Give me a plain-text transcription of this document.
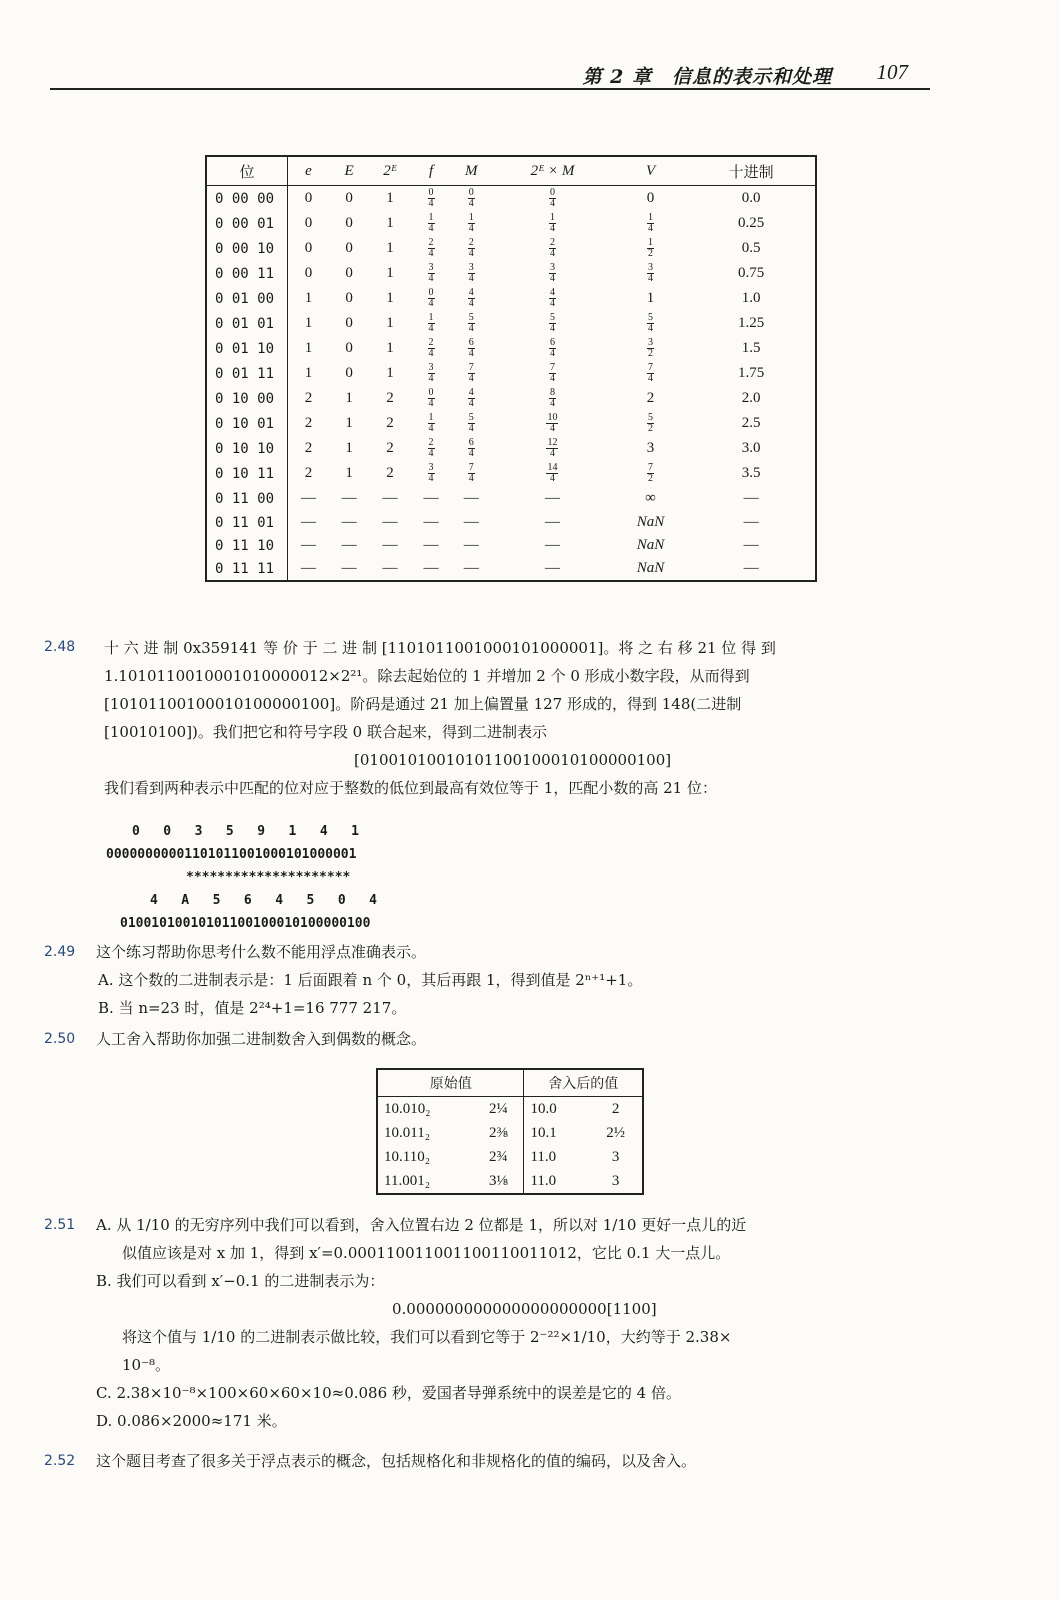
第 2 章　信息的表示和处理 107
位	e	E	2ᴱ	f	M	2ᴱ × M	V	十进制
0 00 00	0	0	1	$\frac{0}{4}$	$\frac{0}{4}$	$\frac{0}{4}$	0	0.0
0 00 01	0	0	1	$\frac{1}{4}$	$\frac{1}{4}$	$\frac{1}{4}$	$\frac{1}{4}$	0.25
0 00 10	0	0	1	$\frac{2}{4}$	$\frac{2}{4}$	$\frac{2}{4}$	$\frac{1}{2}$	0.5
0 00 11	0	0	1	$\frac{3}{4}$	$\frac{3}{4}$	$\frac{3}{4}$	$\frac{3}{4}$	0.75
0 01 00	1	0	1	$\frac{0}{4}$	$\frac{4}{4}$	$\frac{4}{4}$	1	1.0
0 01 01	1	0	1	$\frac{1}{4}$	$\frac{5}{4}$	$\frac{5}{4}$	$\frac{5}{4}$	1.25
0 01 10	1	0	1	$\frac{2}{4}$	$\frac{6}{4}$	$\frac{6}{4}$	$\frac{3}{2}$	1.5
0 01 11	1	0	1	$\frac{3}{4}$	$\frac{7}{4}$	$\frac{7}{4}$	$\frac{7}{4}$	1.75
0 10 00	2	1	2	$\frac{0}{4}$	$\frac{4}{4}$	$\frac{8}{4}$	2	2.0
0 10 01	2	1	2	$\frac{1}{4}$	$\frac{5}{4}$	$\frac{10}{4}$	$\frac{5}{2}$	2.5
0 10 10	2	1	2	$\frac{2}{4}$	$\frac{6}{4}$	$\frac{12}{4}$	3	3.0
0 10 11	2	1	2	$\frac{3}{4}$	$\frac{7}{4}$	$\frac{14}{4}$	$\frac{7}{2}$	3.5
0 11 00	—	—	—	—	—	—	∞	—
0 11 01	—	—	—	—	—	—	NaN	—
0 11 10	—	—	—	—	—	—	NaN	—
0 11 11	—	—	—	—	—	—	NaN	—
2.48 十 六 进 制 0x359141 等 价 于 二 进 制 [1101011001000101000001]。将 之 右 移 21 位 得 到
1.1010110010001010000012×2²¹。除去起始位的 1 并增加 2 个 0 形成小数字段，从而得到
[10101100100010100000100]。阶码是通过 21 加上偏置量 127 形成的，得到 148(二进制
[10010100])。我们把它和符号字段 0 联合起来，得到二进制表示
[01001010010101100100010100000100]
我们看到两种表示中匹配的位对应于整数的低位到最高有效位等于 1，匹配小数的高 21 位：
0   0   3   5   9   1   4   1
00000000001101011001000101000001
*********************
4   A   5   6   4   5   0   4
01001010010101100100010100000100
2.49 这个练习帮助你思考什么数不能用浮点准确表示。
A. 这个数的二进制表示是：1 后面跟着 n 个 0，其后再跟 1，得到值是 2ⁿ⁺¹+1。
B. 当 n=23 时，值是 2²⁴+1=16 777 217。
2.50 人工舍入帮助你加强二进制数舍入到偶数的概念。
原始值		舍入后的值	
10.010₂	2¼	10.0	2
10.011₂	2⅜	10.1	2½
10.110₂	2¾	11.0	3
11.001₂	3⅛	11.0	3
2.51 A. 从 1/10 的无穷序列中我们可以看到，舍入位置右边 2 位都是 1，所以对 1/10 更好一点儿的近
似值应该是对 x 加 1，得到 x′=0.000110011001100110011012，它比 0.1 大一点儿。
B. 我们可以看到 x′−0.1 的二进制表示为：
0.000000000000000000000[1100]
将这个值与 1/10 的二进制表示做比较，我们可以看到它等于 2⁻²²×1/10，大约等于 2.38×
10⁻⁸。
C. 2.38×10⁻⁸×100×60×60×10≈0.086 秒，爱国者导弹系统中的误差是它的 4 倍。
D. 0.086×2000≈171 米。
2.52 这个题目考查了很多关于浮点表示的概念，包括规格化和非规格化的值的编码，以及舍入。
